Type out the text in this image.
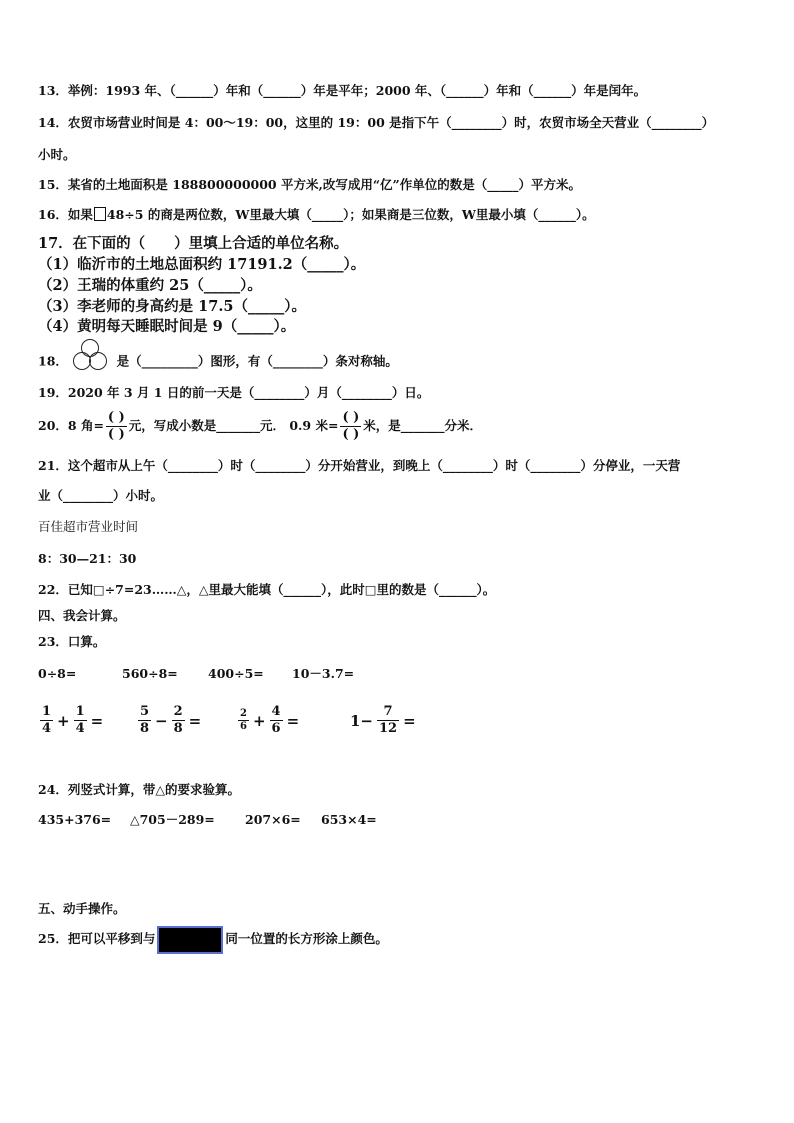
13．举例：1993 年、（______）年和（______）年是平年；2000 年、（______）年和（______）年是闰年。
14．农贸市场营业时间是 4：00～19：00，这里的 19：00 是指下午（________）时，农贸市场全天营业（________）
小时。
15．某省的土地面积是 188800000000 平方米,改写成用“亿”作单位的数是（_____）平方米。
16．如果 48÷5 的商是两位数，W里最大填（_____）；如果商是三位数，W里最小填（______）。
17．在下面的（　　）里填上合适的单位名称。
（1）临沂市的土地总面积约 17191.2（_____）。
（2）王瑞的体重约 25（_____）。
（3）李老师的身高约是 17.5（_____）。
（4）黄明每天睡眠时间是 9（_____）。
18．	是（_________）图形，有（________）条对称轴。
19．2020 年 3 月 1 日的前一天是（________）月（________）日。
20．8 角= $\frac{( )}{( )}$ 元，写成小数是_______元． 0.9 米= $\frac{( )}{( )}$ 米，是_______分米．
21．这个超市从上午（________）时（________）分开始营业，到晚上（________）时（________）分停业，一天营
业（________）小时。
百佳超市营业时间
8：30—21：30
22．已知□÷7=23……△，△里最大能填（______），此时□里的数是（______）。
四、我会计算。
23．口算。
0÷8=	560÷8= 400÷5= 10－3.7=
$\frac{1}{4} + \frac{1}{4}$ =	$\frac{5}{8} - \frac{2}{8}$ =	$\frac{2}{6} + \frac{4}{6}$ =	$1- \frac{7}{12}$ =
24．列竖式计算，带△的要求验算。
435+376= △705－289= 207×6= 653×4=
五、动手操作。
25．把可以平移到与	同一位置的长方形涂上颜色。
